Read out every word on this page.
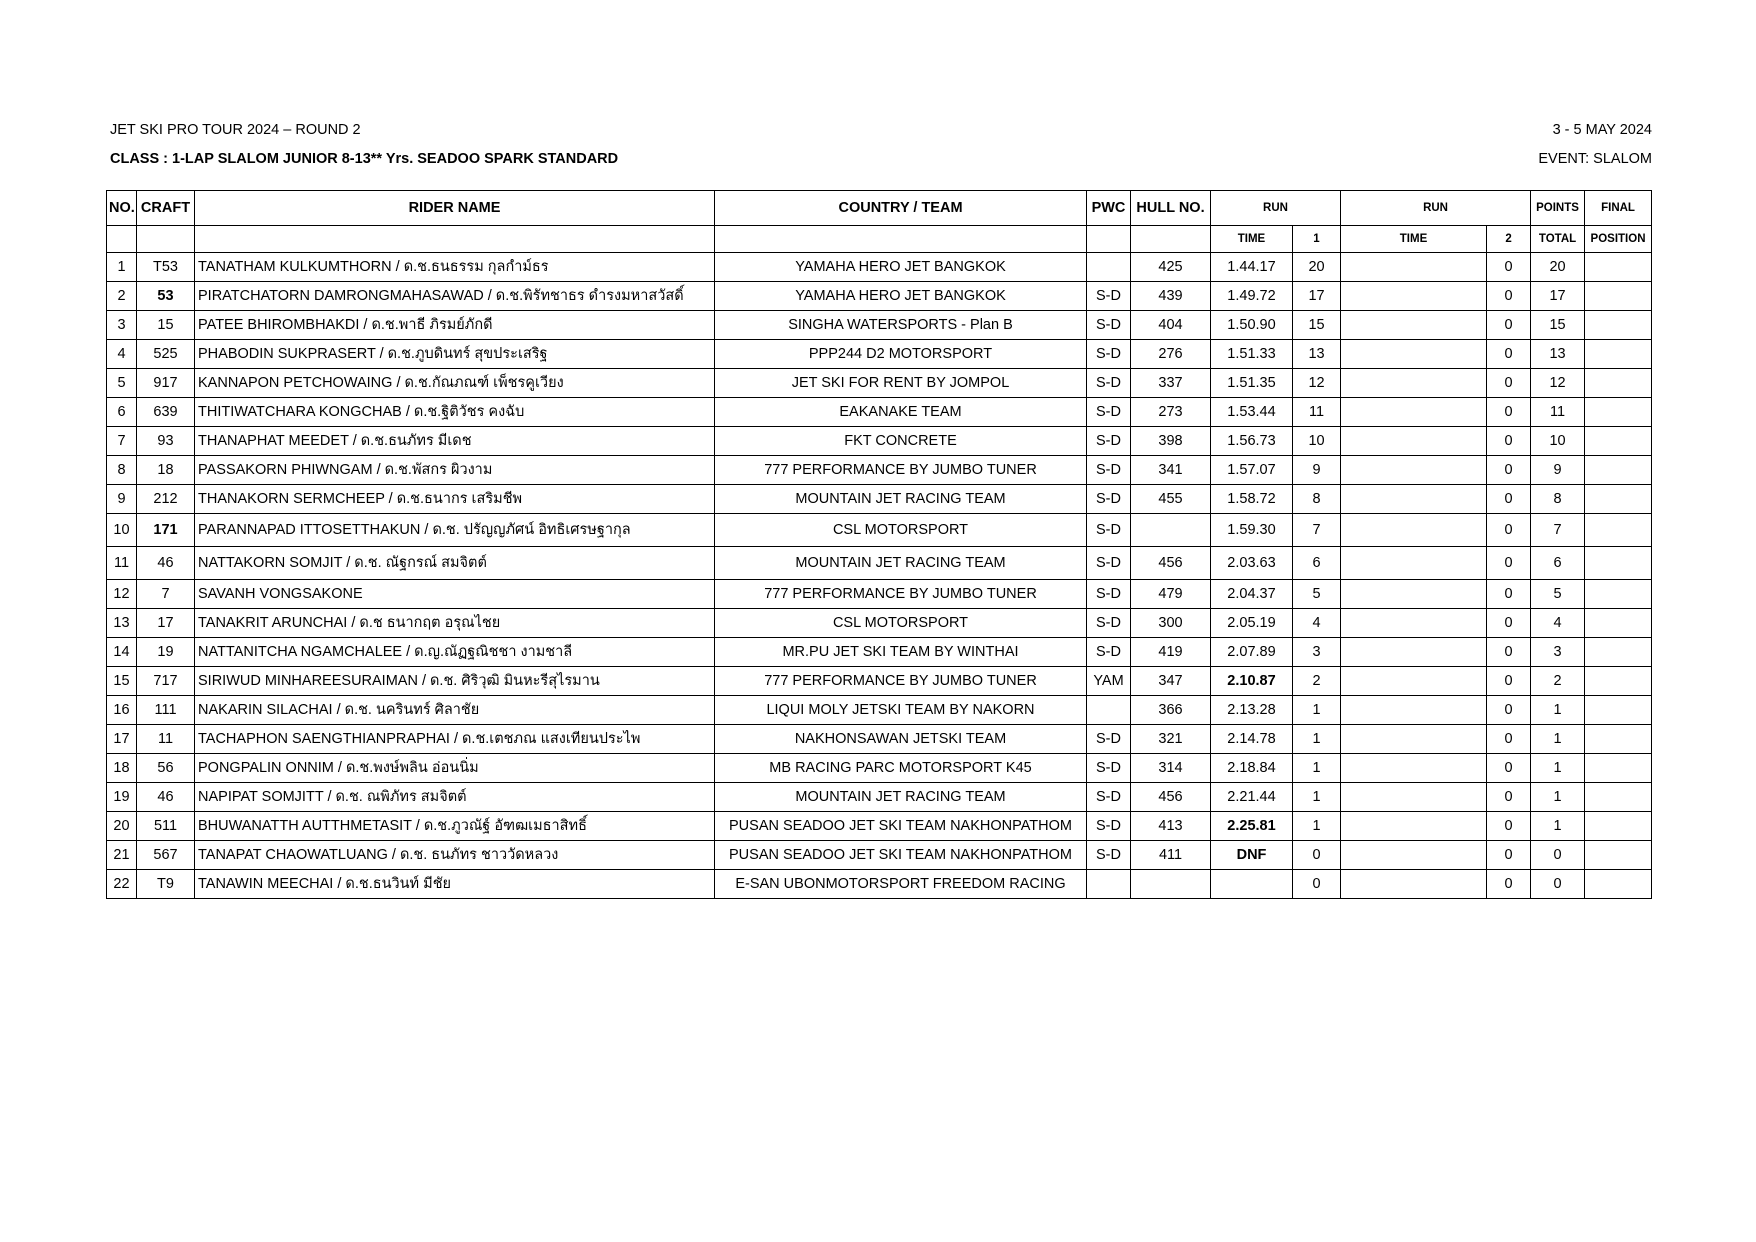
JET SKI PRO TOUR 2024 – ROUND 2	3 - 5 MAY 2024
CLASS : 1-LAP SLALOM JUNIOR 8-13** Yrs. SEADOO SPARK STANDARD	EVENT: SLALOM
NO.	CRAFT	RIDER NAME	COUNTRY / TEAM	PWC	HULL NO.	RUN		RUN		POINTS	FINAL
						TIME	1	TIME	2	TOTAL	POSITION
1	T53	TANATHAM KULKUMTHORN / ด.ช.ธนธรรม กุลกำม์ธร	YAMAHA HERO JET BANGKOK		425	1.44.17	20		0	20	
2	53	PIRATCHATORN DAMRONGMAHASAWAD / ด.ช.พิรัทชาธร ดำรงมหาสวัสดิ์	YAMAHA HERO JET BANGKOK	S-D	439	1.49.72	17		0	17	
3	15	PATEE BHIROMBHAKDI / ด.ช.พาธี ภิรมย์ภักดี	SINGHA WATERSPORTS - Plan B	S-D	404	1.50.90	15		0	15	
4	525	PHABODIN SUKPRASERT / ด.ช.ภูบดินทร์ สุขประเสริฐ	PPP244 D2 MOTORSPORT	S-D	276	1.51.33	13		0	13	
5	917	KANNAPON PETCHOWAING / ด.ช.กัณภณฑ์ เพ็ชรคูเวียง	JET SKI FOR RENT BY JOMPOL	S-D	337	1.51.35	12		0	12	
6	639	THITIWATCHARA KONGCHAB / ด.ช.ฐิติวัชร คงฉับ	EAKANAKE TEAM	S-D	273	1.53.44	11		0	11	
7	93	THANAPHAT MEEDET / ด.ช.ธนภัทร มีเดช	FKT CONCRETE	S-D	398	1.56.73	10		0	10	
8	18	PASSAKORN PHIWNGAM / ด.ช.พัสกร ผิวงาม	777 PERFORMANCE BY JUMBO TUNER	S-D	341	1.57.07	9		0	9	
9	212	THANAKORN SERMCHEEP / ด.ช.ธนากร เสริมชีพ	MOUNTAIN JET RACING TEAM	S-D	455	1.58.72	8		0	8	
10	171	PARANNAPAD ITTOSETTHAKUN / ด.ช. ปรัญญภัศน์ อิทธิเศรษฐากุล	CSL MOTORSPORT	S-D		1.59.30	7		0	7	
11	46	NATTAKORN SOMJIT / ด.ช. ณัฐกรณ์ สมจิตต์	MOUNTAIN JET RACING TEAM	S-D	456	2.03.63	6		0	6	
12	7	SAVANH VONGSAKONE	777 PERFORMANCE BY JUMBO TUNER	S-D	479	2.04.37	5		0	5	
13	17	TANAKRIT ARUNCHAI / ด.ช ธนากฤต อรุณไชย	CSL MOTORSPORT	S-D	300	2.05.19	4		0	4	
14	19	NATTANITCHA NGAMCHALEE / ด.ญ.ณัฏฐณิชชา งามชาลี	MR.PU JET SKI TEAM BY WINTHAI	S-D	419	2.07.89	3		0	3	
15	717	SIRIWUD MINHAREESURAIMAN / ด.ช. ศิริวุฒิ มินหะรีสุไรมาน	777 PERFORMANCE BY JUMBO TUNER	YAM	347	2.10.87	2		0	2	
16	111	NAKARIN SILACHAI / ด.ช. นครินทร์ ศิลาชัย	LIQUI MOLY JETSKI TEAM BY NAKORN		366	2.13.28	1		0	1	
17	11	TACHAPHON SAENGTHIANPRAPHAI / ด.ช.เตชภณ แสงเทียนประไพ	NAKHONSAWAN JETSKI TEAM	S-D	321	2.14.78	1		0	1	
18	56	PONGPALIN ONNIM / ด.ช.พงษ์พลิน อ่อนนิ่ม	MB RACING PARC MOTORSPORT K45	S-D	314	2.18.84	1		0	1	
19	46	NAPIPAT SOMJITT / ด.ช. ณพิภัทร สมจิตต์	MOUNTAIN JET RACING TEAM	S-D	456	2.21.44	1		0	1	
20	511	BHUWANATTH AUTTHMETASIT / ด.ช.ภูวณัฐ์ อัฑฒเมธาสิทธิ์	PUSAN SEADOO JET SKI TEAM NAKHONPATHOM	S-D	413	2.25.81	1		0	1	
21	567	TANAPAT CHAOWATLUANG / ด.ช. ธนภัทร ชาววัดหลวง	PUSAN SEADOO JET SKI TEAM NAKHONPATHOM	S-D	411	DNF	0		0	0	
22	T9	TANAWIN MEECHAI / ด.ช.ธนวินท์ มีชัย	E-SAN UBONMOTORSPORT FREEDOM RACING				0		0	0	
